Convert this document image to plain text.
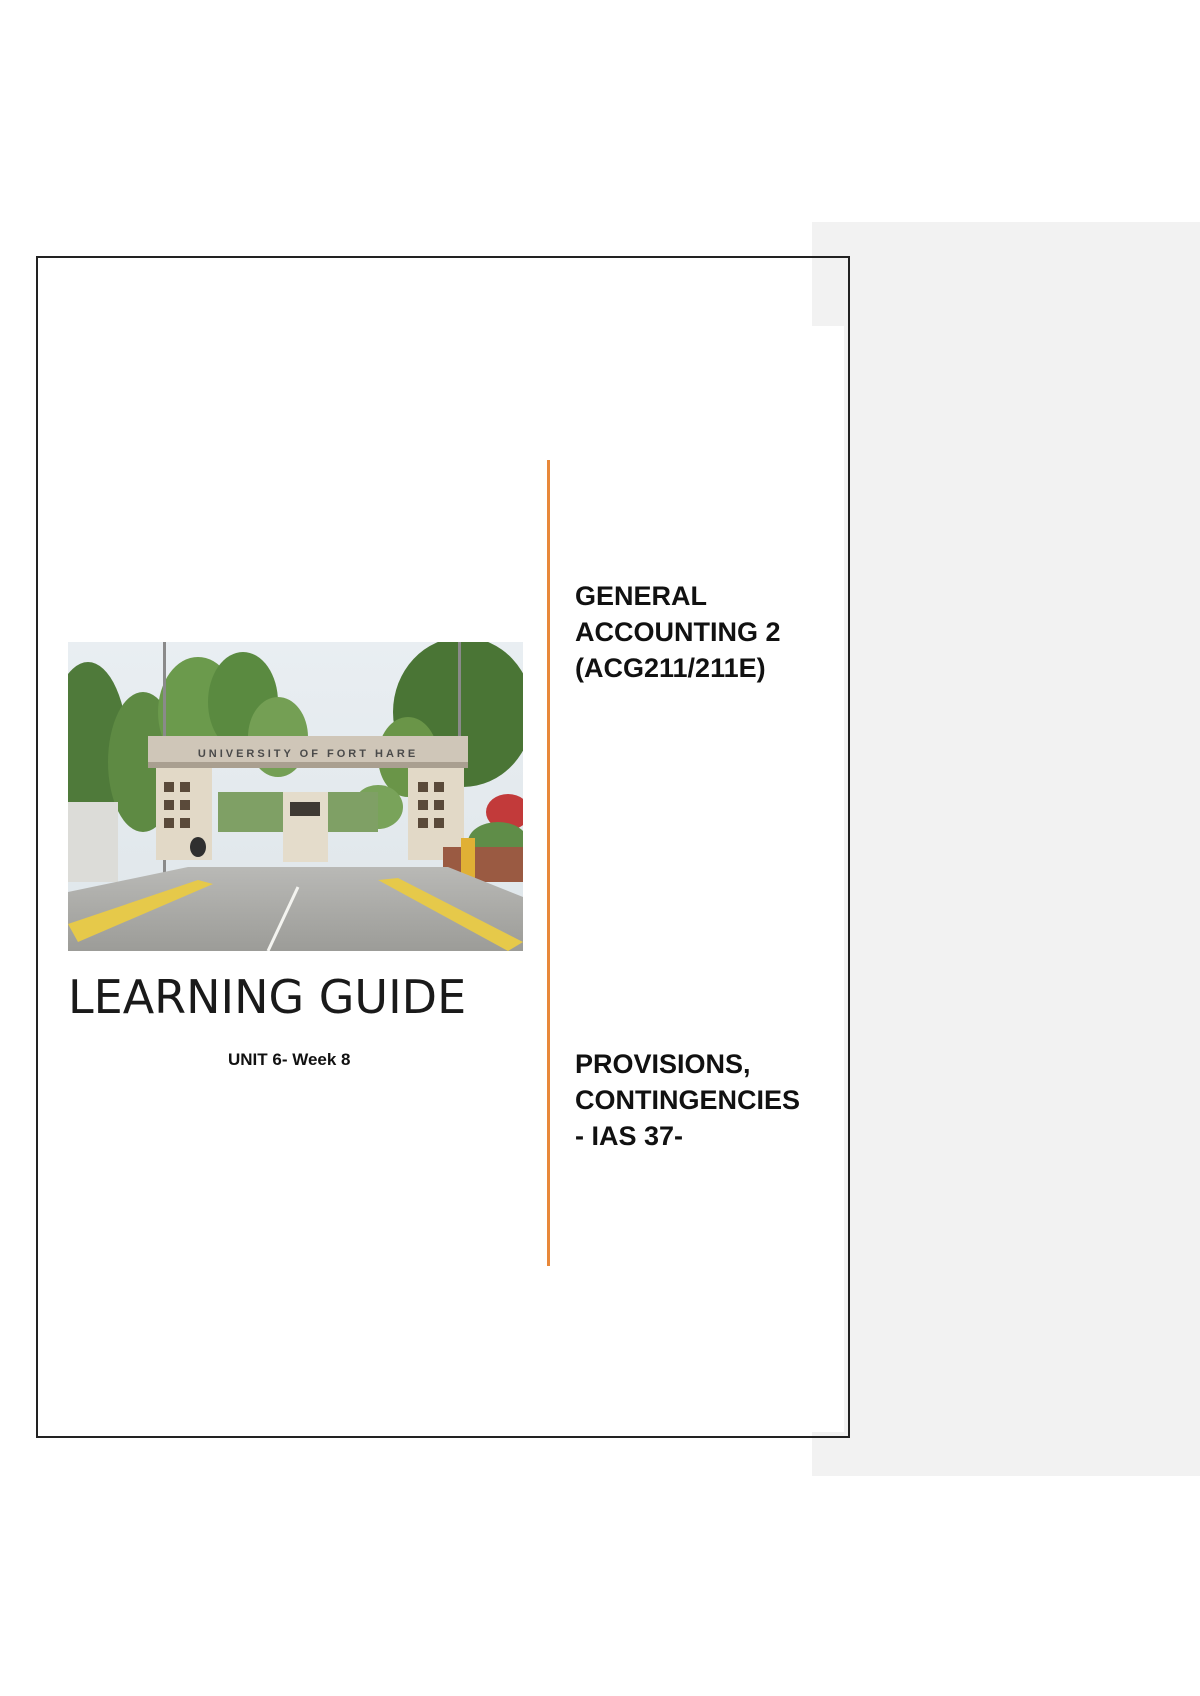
UNIVERSITY OF FORT HARE
LEARNING GUIDE
UNIT 6- Week 8
GENERAL
ACCOUNTING 2
(ACG211/211E)
PROVISIONS,
CONTINGENCIES
- IAS 37-
